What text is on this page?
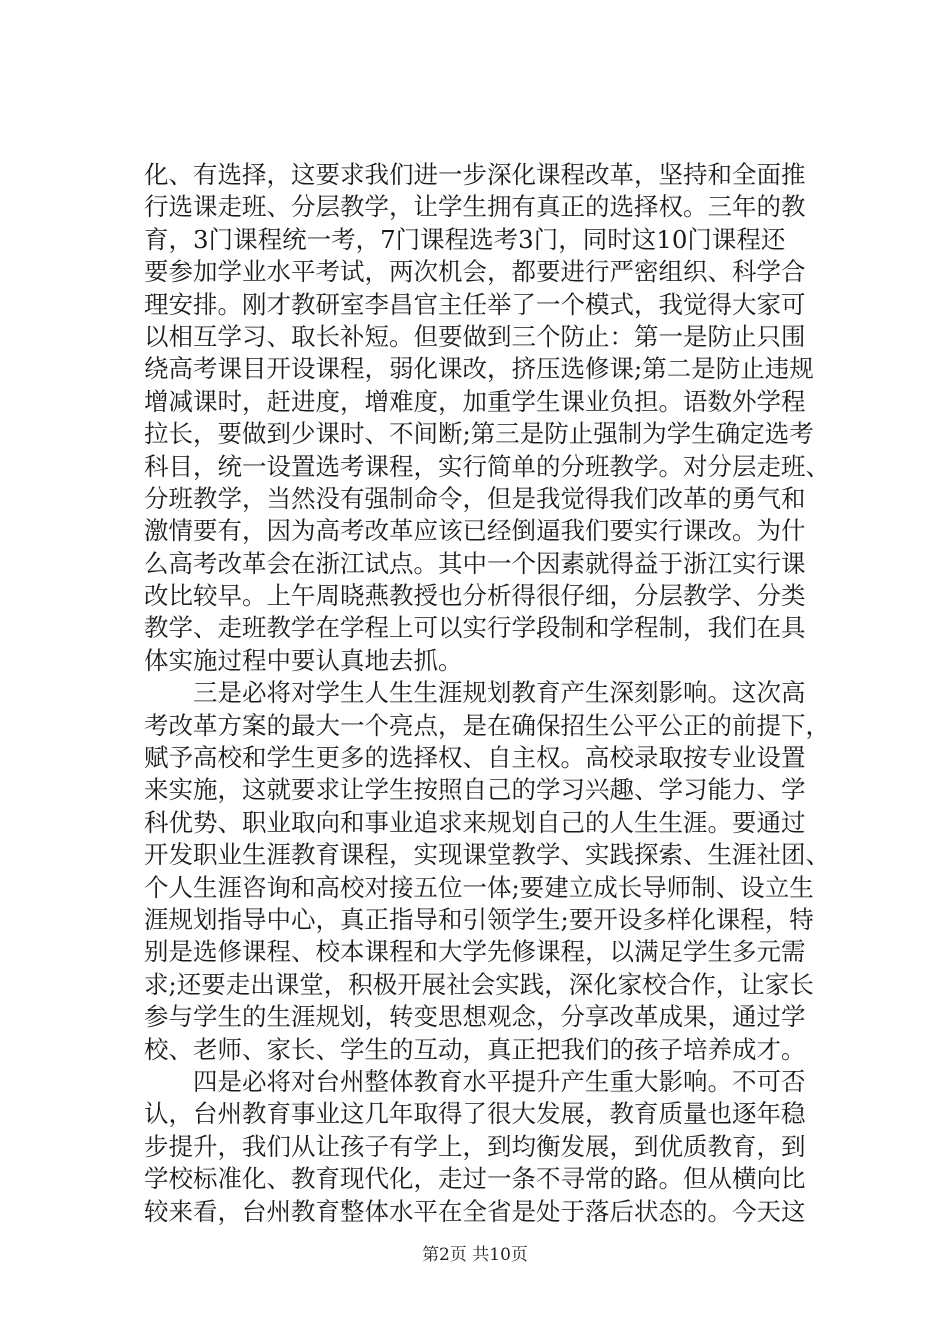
化、有选择，这要求我们进一步深化课程改革，坚持和全面推
行选课走班、分层教学，让学生拥有真正的选择权。三年的教
育，3门课程统一考，7门课程选考3门，同时这10门课程还
要参加学业水平考试，两次机会，都要进行严密组织、科学合
理安排。刚才教研室李昌官主任举了一个模式，我觉得大家可
以相互学习、取长补短。但要做到三个防止：第一是防止只围
绕高考课目开设课程，弱化课改，挤压选修课;第二是防止违规
增减课时，赶进度，增难度，加重学生课业负担。语数外学程
拉长，要做到少课时、不间断;第三是防止强制为学生确定选考
科目，统一设置选考课程，实行简单的分班教学。对分层走班、
分班教学，当然没有强制命令，但是我觉得我们改革的勇气和
激情要有，因为高考改革应该已经倒逼我们要实行课改。为什
么高考改革会在浙江试点。其中一个因素就得益于浙江实行课
改比较早。上午周晓燕教授也分析得很仔细，分层教学、分类
教学、走班教学在学程上可以实行学段制和学程制，我们在具
体实施过程中要认真地去抓。
　　三是必将对学生人生生涯规划教育产生深刻影响。这次高
考改革方案的最大一个亮点，是在确保招生公平公正的前提下，
赋予高校和学生更多的选择权、自主权。高校录取按专业设置
来实施，这就要求让学生按照自己的学习兴趣、学习能力、学
科优势、职业取向和事业追求来规划自己的人生生涯。要通过
开发职业生涯教育课程，实现课堂教学、实践探索、生涯社团、
个人生涯咨询和高校对接五位一体;要建立成长导师制、设立生
涯规划指导中心，真正指导和引领学生;要开设多样化课程，特
别是选修课程、校本课程和大学先修课程，以满足学生多元需
求;还要走出课堂，积极开展社会实践，深化家校合作，让家长
参与学生的生涯规划，转变思想观念，分享改革成果，通过学
校、老师、家长、学生的互动，真正把我们的孩子培养成才。
　　四是必将对台州整体教育水平提升产生重大影响。不可否
认，台州教育事业这几年取得了很大发展，教育质量也逐年稳
步提升，我们从让孩子有学上，到均衡发展，到优质教育，到
学校标准化、教育现代化，走过一条不寻常的路。但从横向比
较来看，台州教育整体水平在全省是处于落后状态的。今天这
第2页 共10页
